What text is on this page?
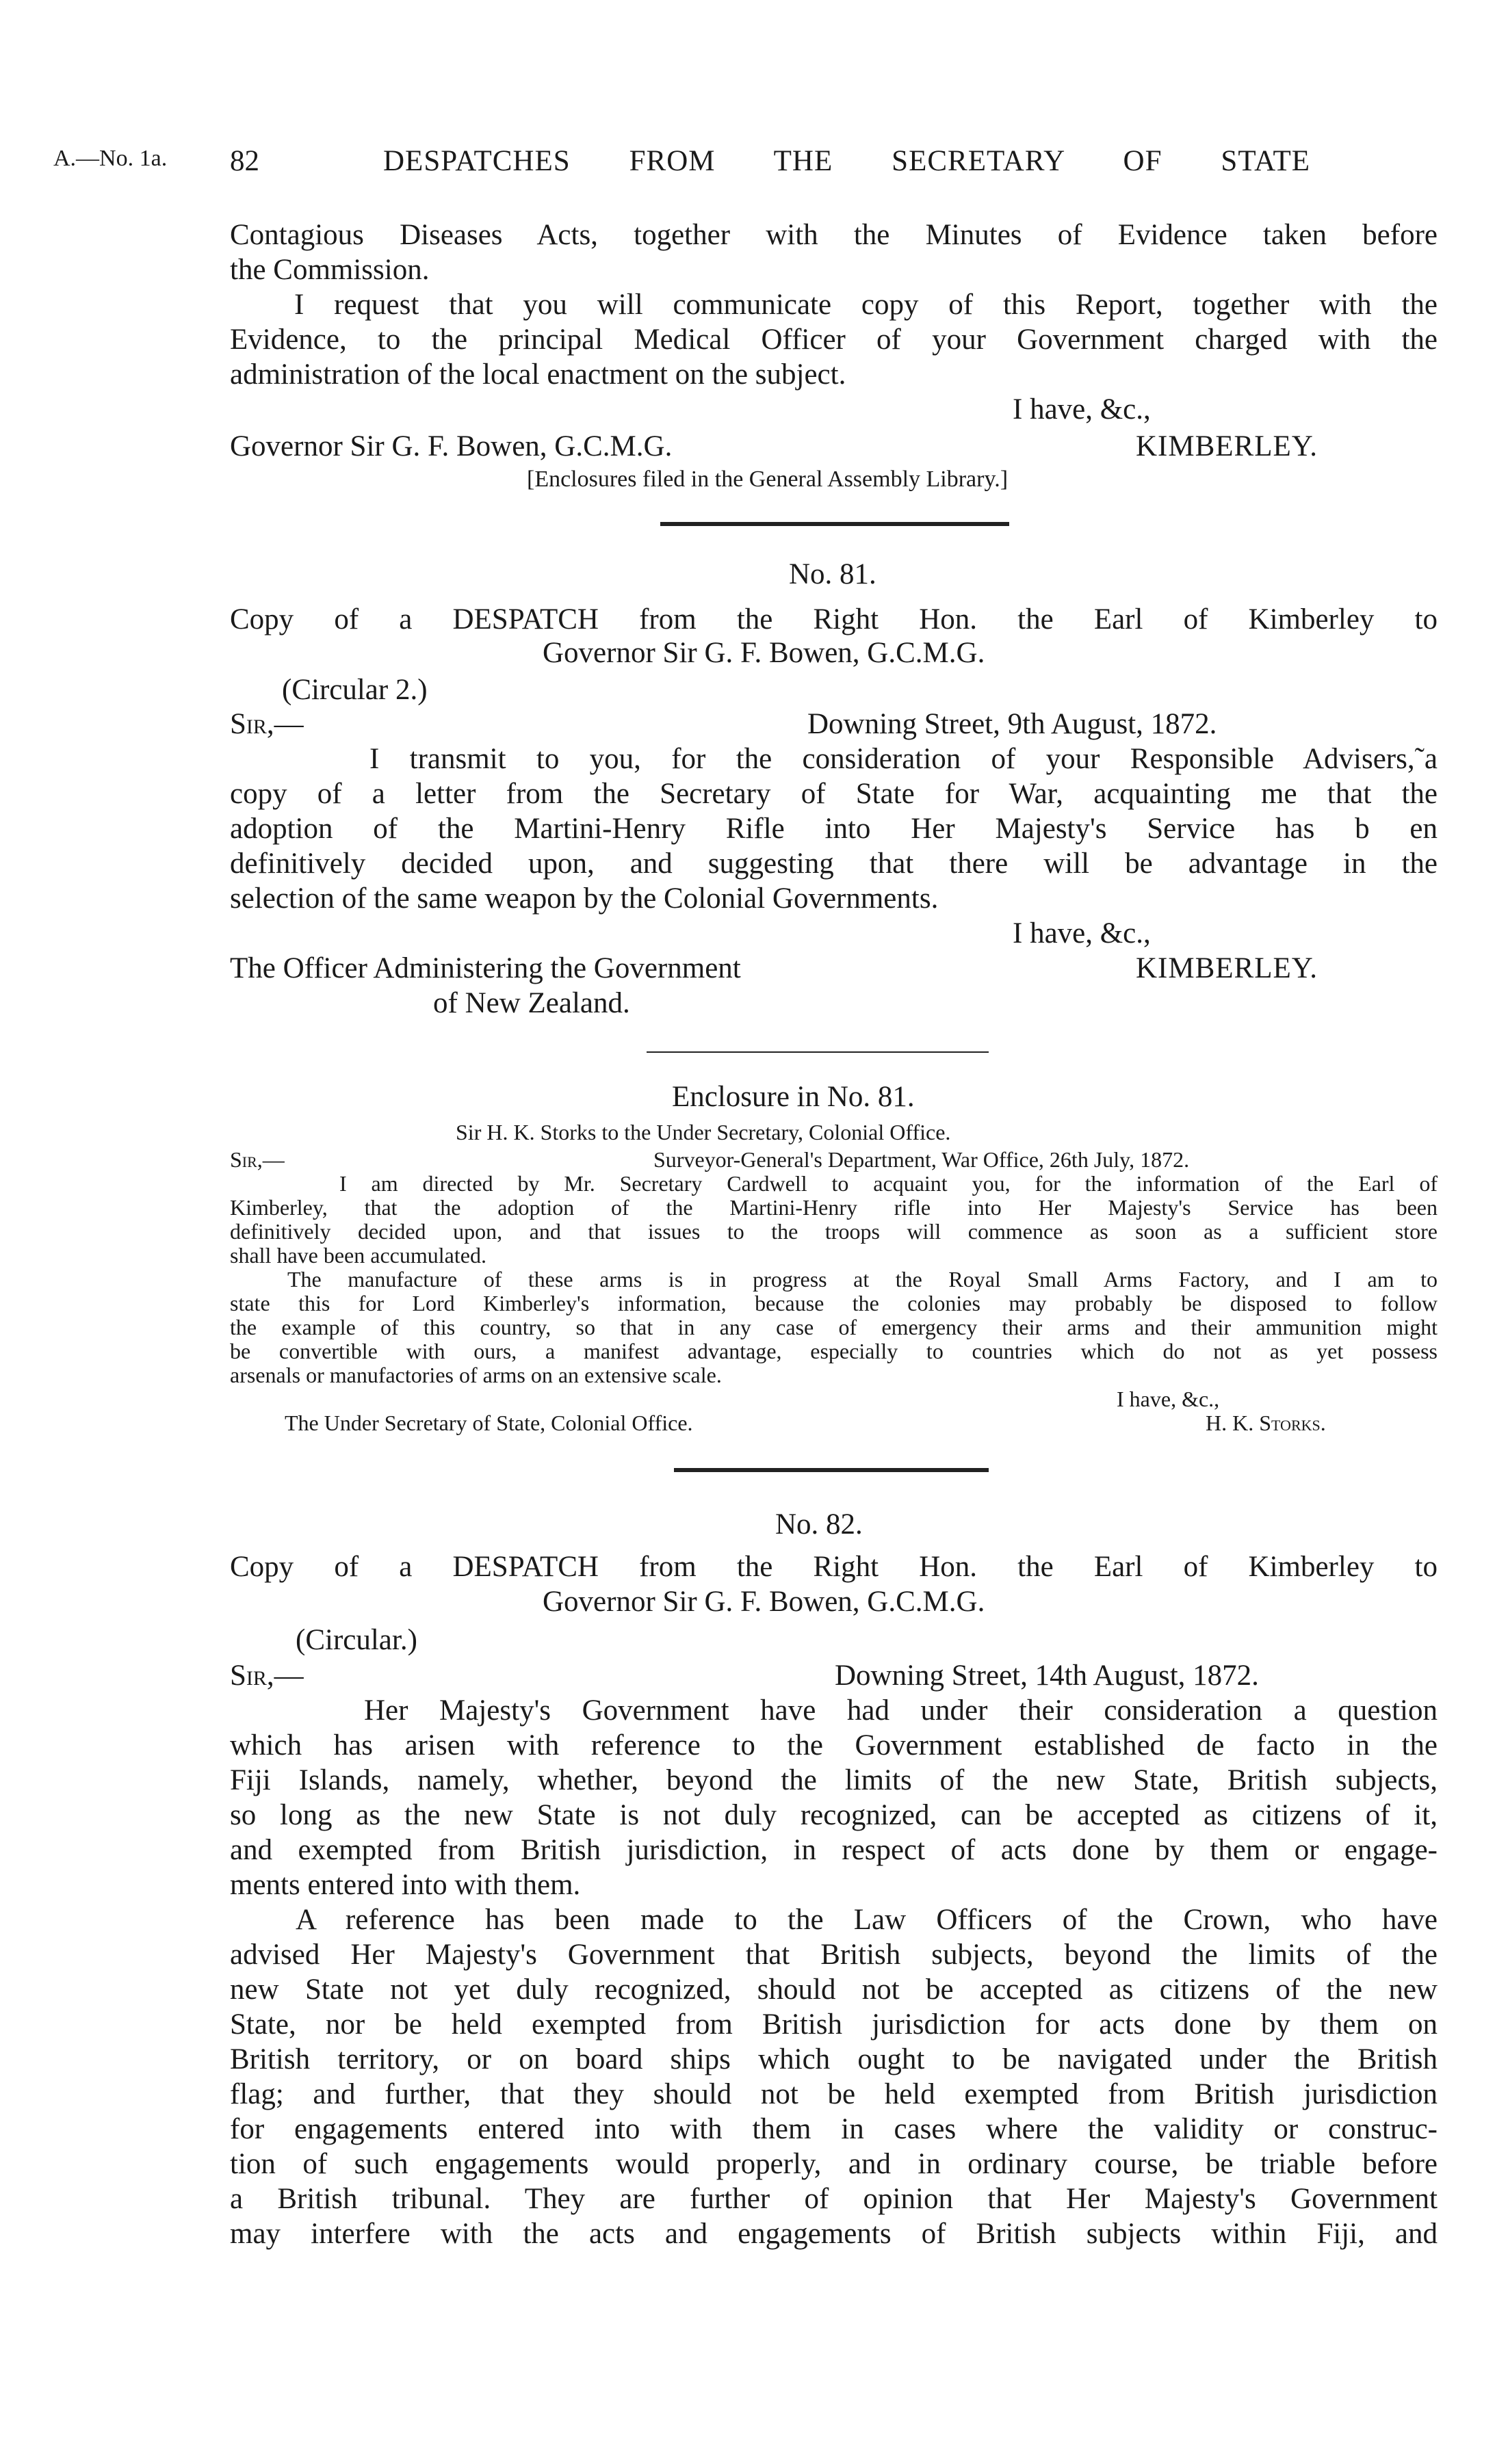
A.—No. 1a. 82	DESPATCHES FROM THE SECRETARY OF STATE
Contagious Diseases Acts, together with the Minutes of Evidence taken before
the Commission.
I request that you will communicate copy of this Report, together with the
Evidence, to the principal Medical Officer of your Government charged with the
administration of the local enactment on the subject.
I have, &c.,
Governor Sir G. F. Bowen, G.C.M.G.	KIMBERLEY.
[Enclosures filed in the General Assembly Library.]
No. 81.
Copy of a DESPATCH from the Right Hon. the Earl of Kimberley to
Governor Sir G. F. Bowen, G.C.M.G.
(Circular 2.)
Sir,—	Downing Street, 9th August, 1872.
I transmit to you, for the consideration of your Responsible Advisers,˜a
copy of a letter from the Secretary of State for War, acquainting me that the
adoption of the Martini-Henry Rifle into Her Majesty's Service has b en
definitively decided upon, and suggesting that there will be advantage in the
selection of the same weapon by the Colonial Governments.
I have, &c.,
The Officer Administering the Government	KIMBERLEY.
of New Zealand.
Enclosure in No. 81.
Sir H. K. Storks to the Under Secretary, Colonial Office.
Sir,—	Surveyor-General's Department, War Office, 26th July, 1872.
I am directed by Mr. Secretary Cardwell to acquaint you, for the information of the Earl of
Kimberley, that the adoption of the Martini-Henry rifle into Her Majesty's Service has been
definitively decided upon, and that issues to the troops will commence as soon as a sufficient store
shall have been accumulated.
The manufacture of these arms is in progress at the Royal Small Arms Factory, and I am to
state this for Lord Kimberley's information, because the colonies may probably be disposed to follow
the example of this country, so that in any case of emergency their arms and their ammunition might
be convertible with ours, a manifest advantage, especially to countries which do not as yet possess
arsenals or manufactories of arms on an extensive scale.
I have, &c.,
The Under Secretary of State, Colonial Office.	H. K. Storks.
No. 82.
Copy of a DESPATCH from the Right Hon. the Earl of Kimberley to
Governor Sir G. F. Bowen, G.C.M.G.
(Circular.)
Sir,—	Downing Street, 14th August, 1872.
Her Majesty's Government have had under their consideration a question
which has arisen with reference to the Government established de facto in the
Fiji Islands, namely, whether, beyond the limits of the new State, British subjects,
so long as the new State is not duly recognized, can be accepted as citizens of it,
and exempted from British jurisdiction, in respect of acts done by them or engage-
ments entered into with them.
A reference has been made to the Law Officers of the Crown, who have
advised Her Majesty's Government that British subjects, beyond the limits of the
new State not yet duly recognized, should not be accepted as citizens of the new
State, nor be held exempted from British jurisdiction for acts done by them on
British territory, or on board ships which ought to be navigated under the British
flag; and further, that they should not be held exempted from British jurisdiction
for engagements entered into with them in cases where the validity or construc-
tion of such engagements would properly, and in ordinary course, be triable before
a British tribunal. They are further of opinion that Her Majesty's Government
may interfere with the acts and engagements of British subjects within Fiji, and
